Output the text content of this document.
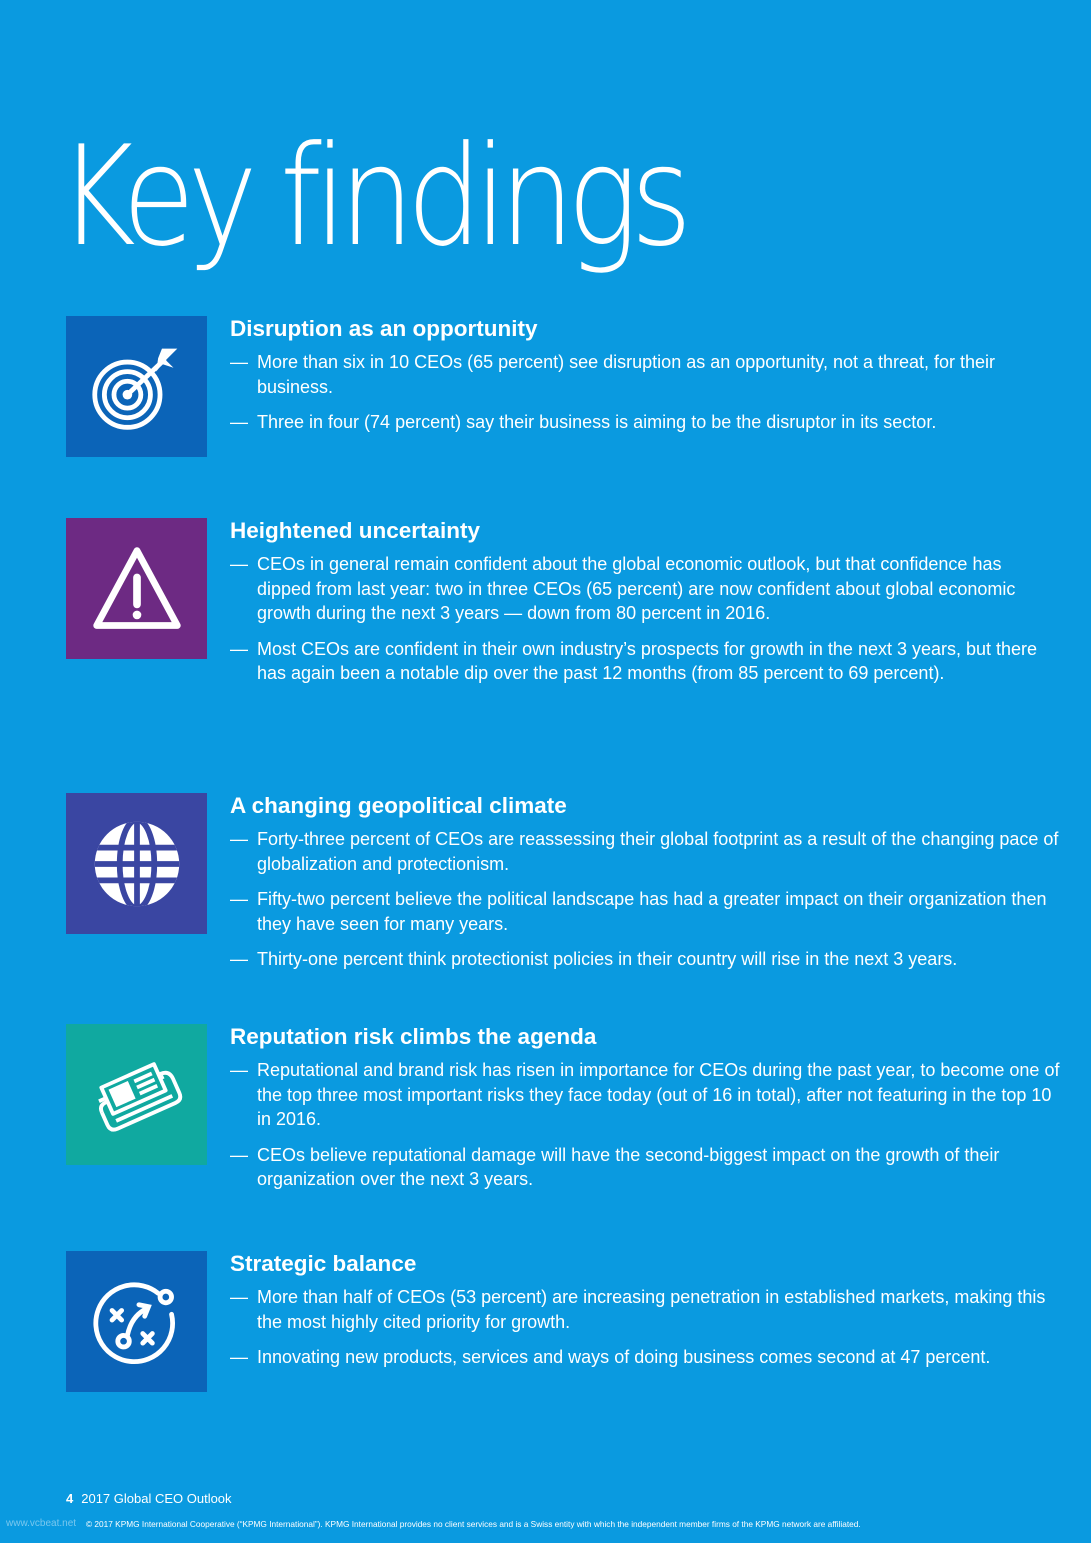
Key findings
Disruption as an opportunity
— More than six in 10 CEOs (65 percent) see disruption as an opportunity, not a threat, for their business.
— Three in four (74 percent) say their business is aiming to be the disruptor in its sector.
Heightened uncertainty
— CEOs in general remain confident about the global economic outlook, but that confidence has dipped from last year: two in three CEOs (65 percent) are now confident about global economic growth during the next 3 years — down from 80 percent in 2016.
— Most CEOs are confident in their own industry’s prospects for growth in the next 3 years, but there has again been a notable dip over the past 12 months (from 85 percent to 69 percent).
A changing geopolitical climate
— Forty-three percent of CEOs are reassessing their global footprint as a result of the changing pace of globalization and protectionism.
— Fifty-two percent believe the political landscape has had a greater impact on their organization then they have seen for many years.
— Thirty-one percent think protectionist policies in their country will rise in the next 3 years.
Reputation risk climbs the agenda
— Reputational and brand risk has risen in importance for CEOs during the past year, to become one of the top three most important risks they face today (out of 16 in total), after not featuring in the top 10 in 2016.
— CEOs believe reputational damage will have the second-biggest impact on the growth of their organization over the next 3 years.
Strategic balance
— More than half of CEOs (53 percent) are increasing penetration in established markets, making this the most highly cited priority for growth.
— Innovating new products, services and ways of doing business comes second at 47 percent.
4 2017 Global CEO Outlook
www.vcbeat.net © 2017 KPMG International Cooperative (“KPMG International”). KPMG International provides no client services and is a Swiss entity with which the independent member firms of the KPMG network are affiliated.
